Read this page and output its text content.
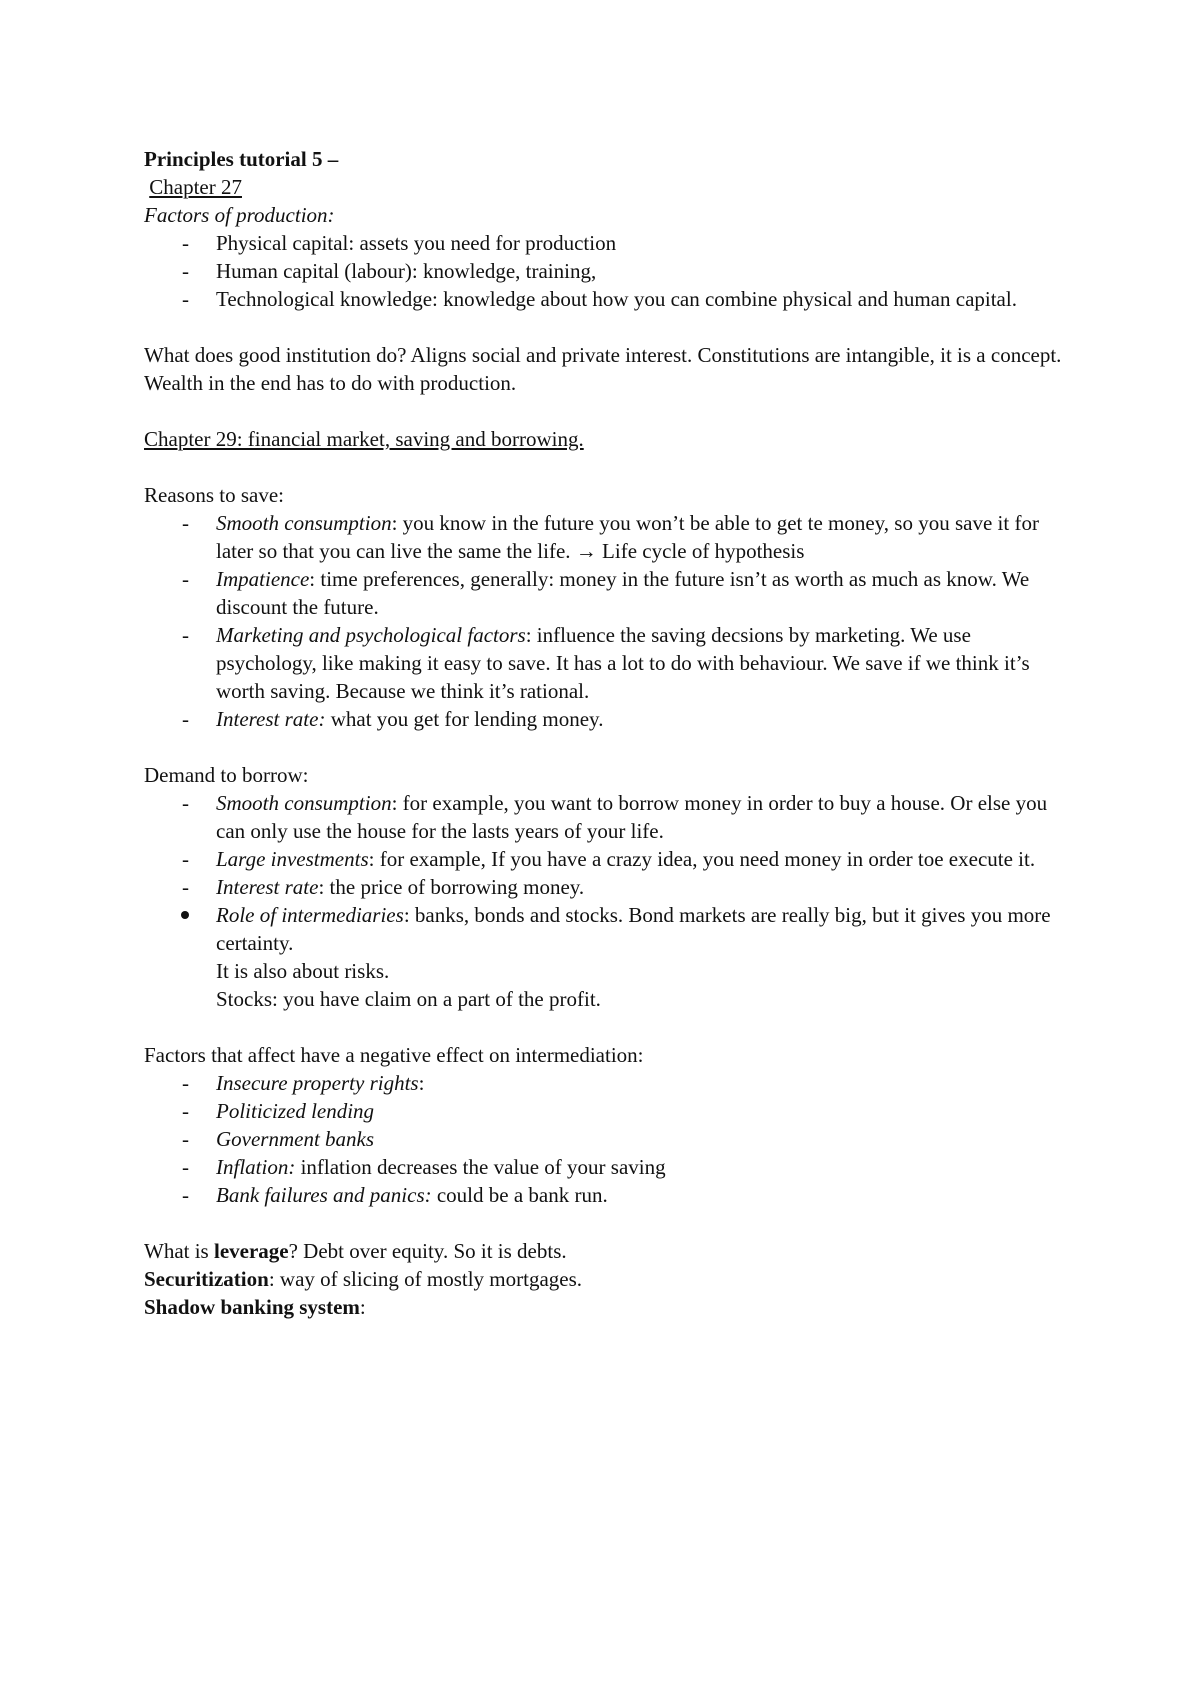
Principles tutorial 5 –

Chapter 27

Factors of production:

-	Physical capital: assets you need for production
-	Human capital (labour): knowledge, training,
-	Technological knowledge: knowledge about how you can combine physical and human capital.

What does good institution do? Aligns social and private interest. Constitutions are intangible, it is a concept.

Wealth in the end has to do with production.

Chapter 29: financial market, saving and borrowing.

Reasons to save:

-	Smooth consumption: you know in the future you won’t be able to get te money, so you save it for later so that you can live the same the life. → Life cycle of hypothesis
-	Impatience: time preferences, generally: money in the future isn’t as worth as much as know. We discount the future.
-	Marketing and psychological factors: influence the saving decsions by marketing. We use psychology, like making it easy to save. It has a lot to do with behaviour. We save if we think it’s worth saving. Because we think it’s rational.
-	Interest rate: what you get for lending money.

Demand to borrow:

-	Smooth consumption: for example, you want to borrow money in order to buy a house. Or else you can only use the house for the lasts years of your life.
-	Large investments: for example, If you have a crazy idea, you need money in order toe execute it.
-	Interest rate: the price of borrowing money.
Role of intermediaries: banks, bonds and stocks. Bond markets are really big, but it gives you more certainty.
It is also about risks.
Stocks: you have claim on a part of the profit.

Factors that affect have a negative effect on intermediation:

-	Insecure property rights:
-	Politicized lending
-	Government banks
-	Inflation: inflation decreases the value of your saving
-	Bank failures and panics: could be a bank run.

What is leverage? Debt over equity. So it is debts.

Securitization: way of slicing of mostly mortgages.

Shadow banking system:
